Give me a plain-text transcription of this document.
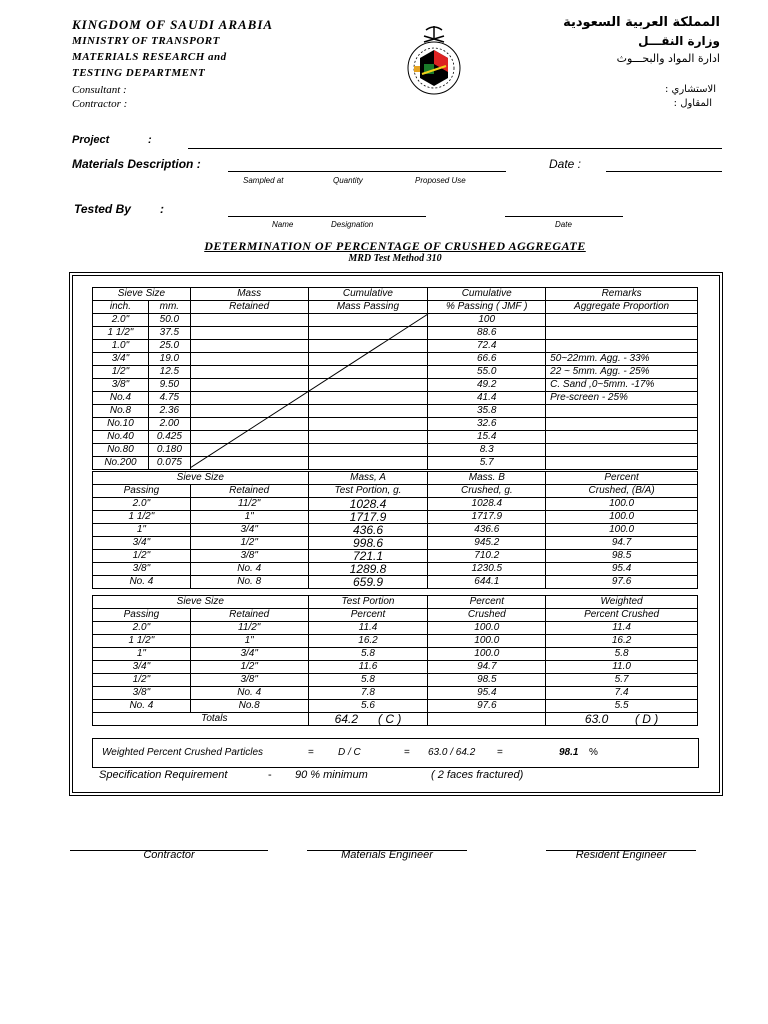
KINGDOM OF SAUDI ARABIA
MINISTRY OF TRANSPORT
MATERIALS RESEARCH and
TESTING DEPARTMENT
Consultant :
Contractor :
المملكة العربية السعودية
وزارة النقـــل
ادارة المواد والبحـــوث
الاستشاري :
المقاول :
Project	:
Materials Description :	Date :
Sampled at	Quantity	Proposed Use
Tested By :
Name	Designation	Date
DETERMINATION OF PERCENTAGE OF CRUSHED AGGREGATE
MRD Test Method 310
Sieve Size		Mass	Cumulative	Cumulative	Remarks
inch.	mm.	Retained	Mass Passing	% Passing ( JMF )	Aggregate Proportion
2.0"	50.0			100	
1 1/2"	37.5			88.6	
1.0"	25.0			72.4	
3/4"	19.0			66.6	50~22mm. Agg. - 33%
1/2"	12.5			55.0	22 ~ 5mm. Agg. - 25%
3/8"	9.50			49.2	C. Sand ,0~5mm. -17%
No.4	4.75			41.4	Pre-screen - 25%
No.8	2.36			35.8	
No.10	2.00			32.6	
No.40	0.425			15.4	
No.80	0.180			8.3	
No.200	0.075			5.7	
Sieve Size		Mass, A	Mass. B	Percent
Passing	Retained	Test Portion, g.	Crushed, g.	Crushed, (B/A)
2.0"	11/2"	1028.4	1028.4	100.0
1 1/2"	1"	1717.9	1717.9	100.0
1"	3/4"	436.6	436.6	100.0
3/4"	1/2"	998.6	945.2	94.7
1/2"	3/8"	721.1	710.2	98.5
3/8"	No. 4	1289.8	1230.5	95.4
No. 4	No. 8	659.9	644.1	97.6
Sieve Size		Test Portion	Percent	Weighted
Passing	Retained	Percent	Crushed	Percent Crushed
2.0"	11/2"	11.4	100.0	11.4
1 1/2"	1"	16.2	100.0	16.2
1"	3/4"	5.8	100.0	5.8
3/4"	1/2"	11.6	94.7	11.0
1/2"	3/8"	5.8	98.5	5.7
3/8"	No. 4	7.8	95.4	7.4
No. 4	No.8	5.6	97.6	5.5
Totals		64.2 ( C )		63.0 ( D )
Weighted Percent Crushed Particles	= D / C	= 63.0 / 64.2 =	98.1 %
Specification Requirement	- 90 % minimum	( 2 faces fractured)
Contractor	Materials Engineer	Resident Engineer
